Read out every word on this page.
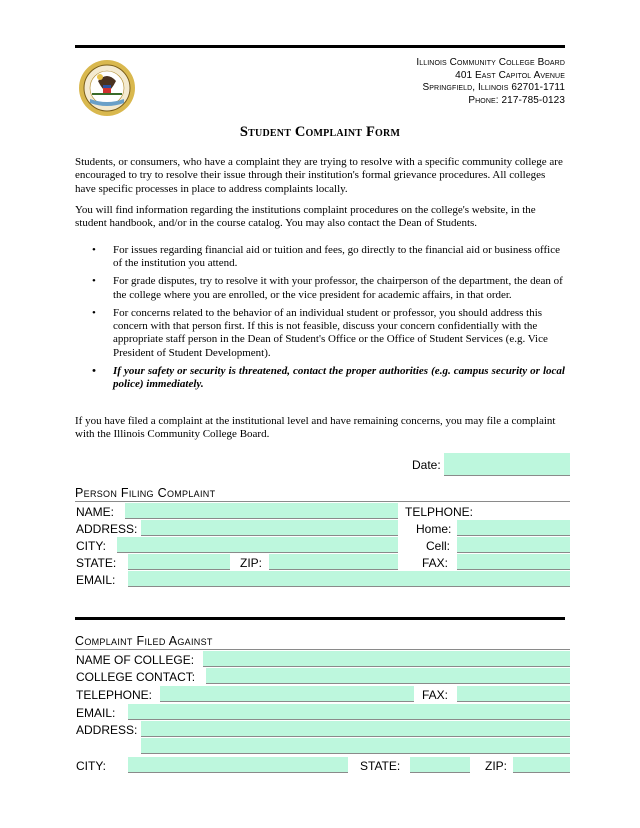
Illinois Community College Board
401 East Capitol Avenue
Springfield, Illinois 62701-1711
Phone: 217-785-0123
Student Complaint Form
Students, or consumers, who have a complaint they are trying to resolve with a specific community college are encouraged to try to resolve their issue through their institution's formal grievance procedures. All colleges have specific processes in place to address complaints locally.
You will find information regarding the institutions complaint procedures on the college's website, in the student handbook, and/or in the course catalog. You may also contact the Dean of Students.
• For issues regarding financial aid or tuition and fees, go directly to the financial aid or business office of the institution you attend.
• For grade disputes, try to resolve it with your professor, the chairperson of the department, the dean of the college where you are enrolled, or the vice president for academic affairs, in that order.
• For concerns related to the behavior of an individual student or professor, you should address this concern with that person first. If this is not feasible, discuss your concern confidentially with the appropriate staff person in the Dean of Student's Office or the Office of Student Services (e.g. Vice President of Student Development).
• If your safety or security is threatened, contact the proper authorities (e.g. campus security or local police) immediately.
If you have filed a complaint at the institutional level and have remaining concerns, you may file a complaint with the Illinois Community College Board.
Date:
Person Filing Complaint
NAME:	TELPHONE:
ADDRESS:	Home:
CITY:	Cell:
STATE:	ZIP:	FAX:
EMAIL:
Complaint Filed Against
NAME OF COLLEGE:
COLLEGE CONTACT:
TELEPHONE:	FAX:
EMAIL:
ADDRESS:
CITY:	STATE:	ZIP:
